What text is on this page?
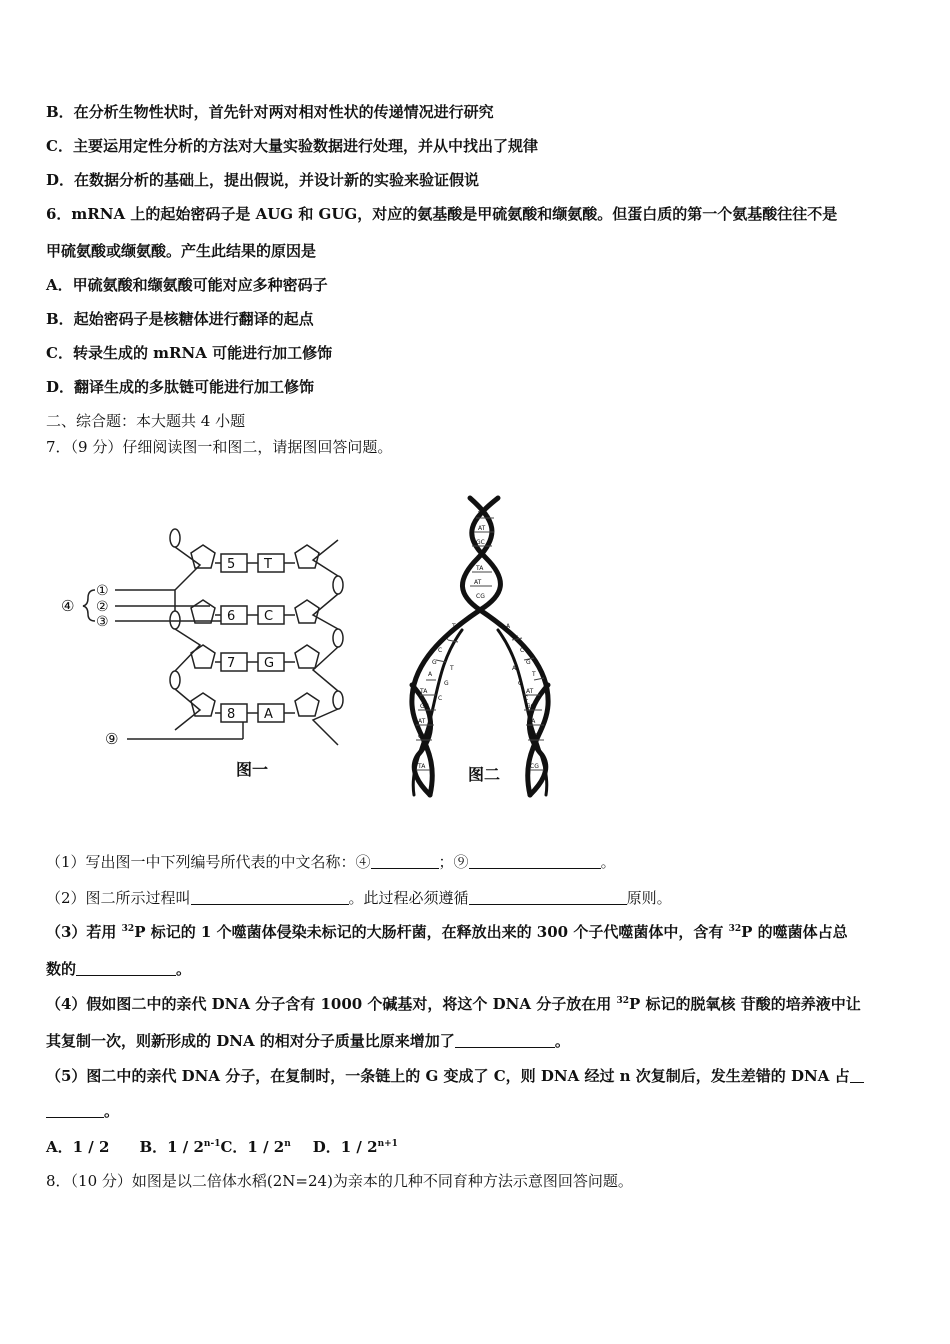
B．在分析生物性状时，首先针对两对相对性状的传递情况进行研究
C．主要运用定性分析的方法对大量实验数据进行处理，并从中找出了规律
D．在数据分析的基础上，提出假说，并设计新的实验来验证假说
6．mRNA 上的起始密码子是 AUG 和 GUG，对应的氨基酸是甲硫氨酸和缬氨酸。但蛋白质的第一个氨基酸往往不是
甲硫氨酸或缬氨酸。产生此结果的原因是
A．甲硫氨酸和缬氨酸可能对应多种密码子
B．起始密码子是核糖体进行翻译的起点
C．转录生成的 mRNA 可能进行加工修饰
D．翻译生成的多肽链可能进行加工修饰
二、综合题：本大题共 4 小题
7．（9 分）仔细阅读图一和图二，请据图回答问题。
5 T
6 C
7 G
8 A
④
①
②
③
⑨
图一
TA
AT
GC
TA
AT
CG
TA
GC
AT
CG
TA
AT
GC
TA
AT
CG
T
A
C
G
A
T
G
C
A
T
C
G
T
A
G
C
图二
（1）写出图一中下列编号所代表的中文名称：④	；⑨	。
（2）图二所示过程叫	。此过程必须遵循	原则。
（3）若用 $^{32}$P 标记的 1 个噬菌体侵染未标记的大肠杆菌，在释放出来的 300 个子代噬菌体中，含有 $^{32}$P 的噬菌体占总
数的	。
（4）假如图二中的亲代 DNA 分子含有 1000 个碱基对，将这个 DNA 分子放在用 $^{32}$P 标记的脱氧核 苷酸的培养液中让
其复制一次，则新形成的 DNA 的相对分子质量比原来增加了	。
（5）图二中的亲代 DNA 分子，在复制时，一条链上的 G 变成了 C，则 DNA 经过 n 次复制后，发生差错的 DNA 占
。
A．1 / 2 B．1 / 2$^{n-1}$C．1 / 2$^n$ D．$1 / 2^{n+1}$
8．（10 分）如图是以二倍体水稻(2N=24)为亲本的几种不同育种方法示意图回答问题。
